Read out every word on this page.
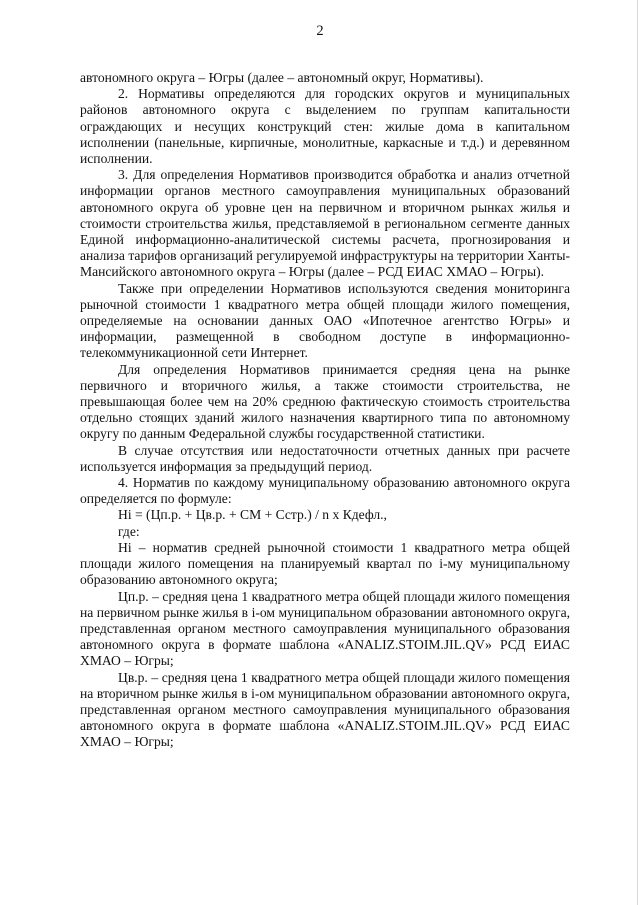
2

автономного округа – Югры (далее – автономный округ, Нормативы).

2. Нормативы определяются для городских округов и муниципальных районов автономного округа с выделением по группам капитальности ограждающих и несущих конструкций стен: жилые дома в капитальном исполнении (панельные, кирпичные, монолитные, каркасные и т.д.) и деревянном исполнении.

3. Для определения Нормативов производится обработка и анализ отчетной информации органов местного самоуправления муниципальных образований автономного округа об уровне цен на первичном и вторичном рынках жилья и стоимости строительства жилья, представляемой в региональном сегменте данных Единой информационно-аналитической системы расчета, прогнозирования и анализа тарифов организаций регулируемой инфраструктуры на территории Ханты-Мансийского автономного округа – Югры (далее – РСД ЕИАС ХМАО – Югры).

Также при определении Нормативов используются сведения мониторинга рыночной стоимости 1 квадратного метра общей площади жилого помещения, определяемые на основании данных ОАО «Ипотечное агентство Югры» и информации, размещенной в свободном доступе в информационно-телекоммуникационной сети Интернет.

Для определения Нормативов принимается средняя цена на рынке первичного и вторичного жилья, а также стоимости строительства, не превышающая более чем на 20% среднюю фактическую стоимость строительства отдельно стоящих зданий жилого назначения квартирного типа по автономному округу по данным Федеральной службы государственной статистики.

В случае отсутствия или недостаточности отчетных данных при расчете используется информация за предыдущий период.

4. Норматив по каждому муниципальному образованию автономного округа определяется по формуле:

Нi = (Цп.р. + Цв.р. + СМ + Сстр.) / n х Кдефл.,

где:

Нi – норматив средней рыночной стоимости 1 квадратного метра общей площади жилого помещения на планируемый квартал по i-му муниципальному образованию автономного округа;

Цп.р. – средняя цена 1 квадратного метра общей площади жилого помещения на первичном рынке жилья в i-ом муниципальном образовании автономного округа, представленная органом местного самоуправления муниципального образования автономного округа в формате шаблона «ANALIZ.STOIM.JIL.QV» РСД ЕИАС ХМАО – Югры;

Цв.р. – средняя цена 1 квадратного метра общей площади жилого помещения на вторичном рынке жилья в i-ом муниципальном образовании автономного округа, представленная органом местного самоуправления муниципального образования автономного округа в формате шаблона «ANALIZ.STOIM.JIL.QV» РСД ЕИАС ХМАО – Югры;
